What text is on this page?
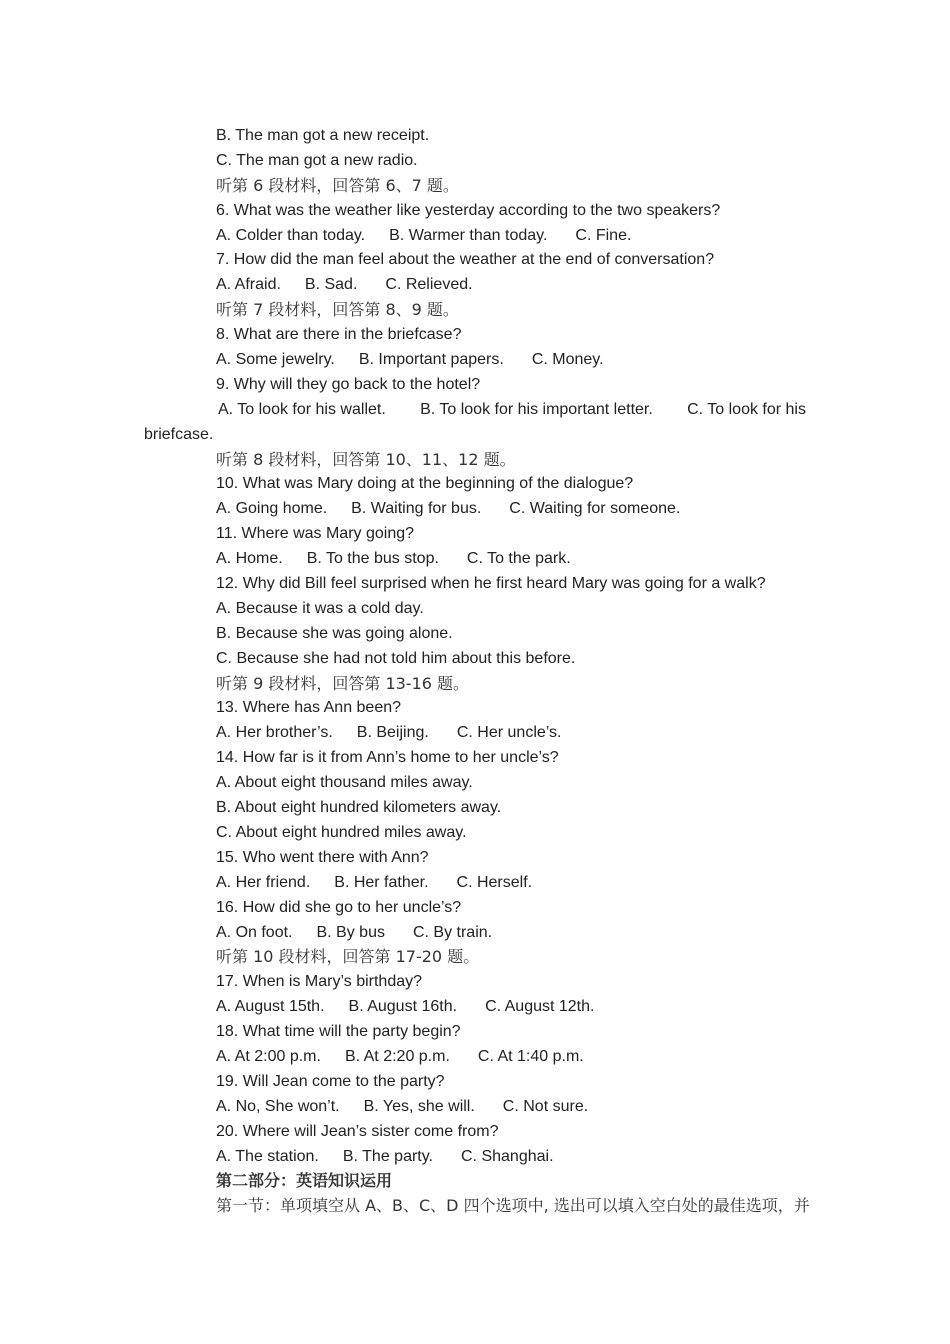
B. The man got a new receipt.
C. The man got a new radio.
听第 6 段材料，回答第 6、7 题。
6. What was the weather like yesterday according to the two speakers?
A. Colder than today. B. Warmer than today. C. Fine.
7. How did the man feel about the weather at the end of conversation?
A. Afraid. B. Sad. C. Relieved.
听第 7 段材料，回答第 8、9 题。
8. What are there in the briefcase?
A. Some jewelry. B. Important papers. C. Money.
9. Why will they go back to the hotel?
A. To look for his wallet. B. To look for his important letter. C. To look for his
briefcase.
听第 8 段材料，回答第 10、11、12 题。
10. What was Mary doing at the beginning of the dialogue?
A. Going home. B. Waiting for bus. C. Waiting for someone.
11. Where was Mary going?
A. Home. B. To the bus stop. C. To the park.
12. Why did Bill feel surprised when he first heard Mary was going for a walk?
A. Because it was a cold day.
B. Because she was going alone.
C. Because she had not told him about this before.
听第 9 段材料，回答第 13-16 题。
13. Where has Ann been?
A. Her brother’s. B. Beijing. C. Her uncle’s.
14. How far is it from Ann’s home to her uncle’s?
A. About eight thousand miles away.
B. About eight hundred kilometers away.
C. About eight hundred miles away.
15. Who went there with Ann?
A. Her friend. B. Her father. C. Herself.
16. How did she go to her uncle’s?
A. On foot. B. By bus C. By train.
听第 10 段材料，回答第 17-20 题。
17. When is Mary’s birthday?
A. August 15th. B. August 16th. C. August 12th.
18. What time will the party begin?
A. At 2:00 p.m. B. At 2:20 p.m. C. At 1:40 p.m.
19. Will Jean come to the party?
A. No, She won’t. B. Yes, she will. C. Not sure.
20. Where will Jean’s sister come from?
A. The station. B. The party. C. Shanghai.
第二部分：英语知识运用
第一节：单项填空从 A、B、C、D 四个选项中, 选出可以填入空白处的最佳选项，并
